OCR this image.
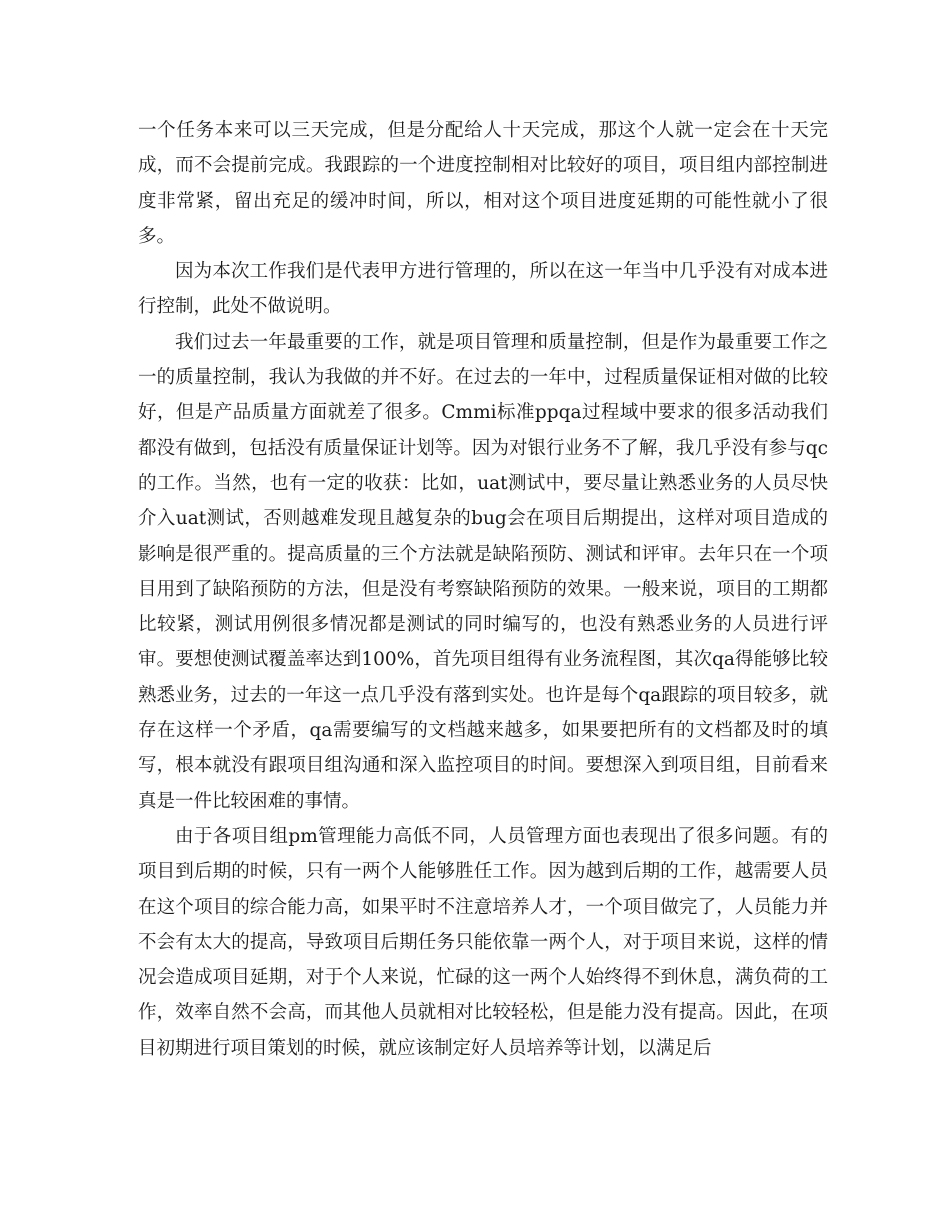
一个任务本来可以三天完成，但是分配给人十天完成，那这个人就一定会在十天完成，而不会提前完成。我跟踪的一个进度控制相对比较好的项目，项目组内部控制进度非常紧，留出充足的缓冲时间，所以，相对这个项目进度延期的可能性就小了很多。

因为本次工作我们是代表甲方进行管理的，所以在这一年当中几乎没有对成本进行控制，此处不做说明。

我们过去一年最重要的工作，就是项目管理和质量控制，但是作为最重要工作之一的质量控制，我认为我做的并不好。在过去的一年中，过程质量保证相对做的比较好，但是产品质量方面就差了很多。Cmmi标准ppqa过程域中要求的很多活动我们都没有做到，包括没有质量保证计划等。因为对银行业务不了解，我几乎没有参与qc的工作。当然，也有一定的收获：比如，uat测试中，要尽量让熟悉业务的人员尽快介入uat测试，否则越难发现且越复杂的bug会在项目后期提出，这样对项目造成的影响是很严重的。提高质量的三个方法就是缺陷预防、测试和评审。去年只在一个项目用到了缺陷预防的方法，但是没有考察缺陷预防的效果。一般来说，项目的工期都比较紧，测试用例很多情况都是测试的同时编写的，也没有熟悉业务的人员进行评审。要想使测试覆盖率达到100%，首先项目组得有业务流程图，其次qa得能够比较熟悉业务，过去的一年这一点几乎没有落到实处。也许是每个qa跟踪的项目较多，就存在这样一个矛盾，qa需要编写的文档越来越多，如果要把所有的文档都及时的填写，根本就没有跟项目组沟通和深入监控项目的时间。要想深入到项目组，目前看来真是一件比较困难的事情。

由于各项目组pm管理能力高低不同，人员管理方面也表现出了很多问题。有的项目到后期的时候，只有一两个人能够胜任工作。因为越到后期的工作，越需要人员在这个项目的综合能力高，如果平时不注意培养人才，一个项目做完了，人员能力并不会有太大的提高，导致项目后期任务只能依靠一两个人，对于项目来说，这样的情况会造成项目延期，对于个人来说，忙碌的这一两个人始终得不到休息，满负荷的工作，效率自然不会高，而其他人员就相对比较轻松，但是能力没有提高。因此，在项目初期进行项目策划的时候，就应该制定好人员培养等计划，以满足后
